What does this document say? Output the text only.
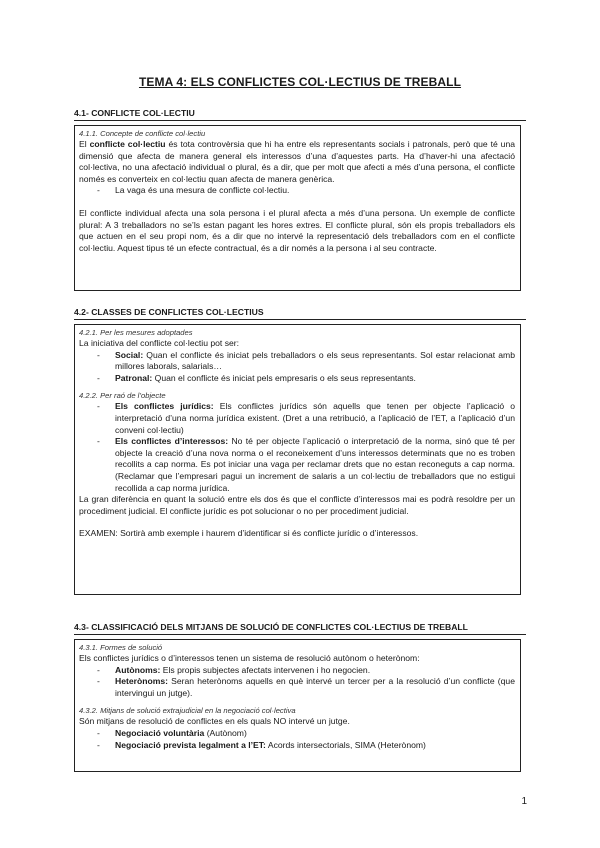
TEMA 4: ELS CONFLICTES COL·LECTIUS DE TREBALL
4.1- CONFLICTE COL·LECTIU
4.1.1. Concepte de conflicte col·lectiu

El conflicte col·lectiu és tota controvèrsia que hi ha entre els representants socials i patronals, però que té una dimensió que afecta de manera general els interessos d’una d’aquestes parts. Ha d’haver-hi una afectació col·lectiva, no una afectació individual o plural, és a dir, que per molt que afecti a més d’una persona, el conflicte només es converteix en col·lectiu quan afecta de manera genèrica.

- La vaga és una mesura de conflicte col·lectiu.

El conflicte individual afecta una sola persona i el plural afecta a més d’una persona. Un exemple de conflicte plural: A 3 treballadors no se’ls estan pagant les hores extres. El conflicte plural, són els propis treballadors els que actuen en el seu propi nom, és a dir que no intervé la representació dels treballadors com en el conflicte col·lectiu. Aquest tipus té un efecte contractual, és a dir només a la persona i al seu contracte.

4.2- CLASSES DE CONFLICTES COL·LECTIUS
4.2.1. Per les mesures adoptades

La iniciativa del conflicte col·lectiu pot ser:

- Social: Quan el conflicte és iniciat pels treballadors o els seus representants. Sol estar relacionat amb millores laborals, salarials…
- Patronal: Quan el conflicte és iniciat pels empresaris o els seus representants.
4.2.2. Per raó de l’objecte
- Els conflictes jurídics: Els conflictes jurídics són aquells que tenen per objecte l’aplicació o interpretació d’una norma jurídica existent. (Dret a una retribució, a l’aplicació de l’ET, a l’aplicació d’un conveni col·lectiu)
- Els conflictes d’interessos: No té per objecte l’aplicació o interpretació de la norma, sinó que té per objecte la creació d’una nova norma o el reconeixement d’uns interessos determinats que no es troben recollits a cap norma. Es pot iniciar una vaga per reclamar drets que no estan reconeguts a cap norma. (Reclamar que l’empresari pagui un increment de salaris a un col·lectiu de treballadors que no estigui recollida a cap norma jurídica.

La gran diferència en quant la solució entre els dos és que el conflicte d’interessos mai es podrà resoldre per un procediment judicial. El conflicte jurídic es pot solucionar o no per procediment judicial.

EXAMEN: Sortirà amb exemple i haurem d’identificar si és conflicte jurídic o d’interessos.

4.3- CLASSIFICACIÓ DELS MITJANS DE SOLUCIÓ DE CONFLICTES COL·LECTIUS DE TREBALL
4.3.1. Formes de solució

Els conflictes jurídics o d’interessos tenen un sistema de resolució autònom o heterònom:

- Autònoms: Els propis subjectes afectats intervenen i ho negocien.
- Heterònoms: Seran heterònoms aquells en què intervé un tercer per a la resolució d’un conflicte (que intervingui un jutge).
4.3.2. Mitjans de solució extrajudicial en la negociació col·lectiva

Són mitjans de resolució de conflictes en els quals NO intervé un jutge.

- Negociació voluntària (Autònom)
- Negociació prevista legalment a l’ET: Acords intersectorials, SIMA (Heterònom)
1
